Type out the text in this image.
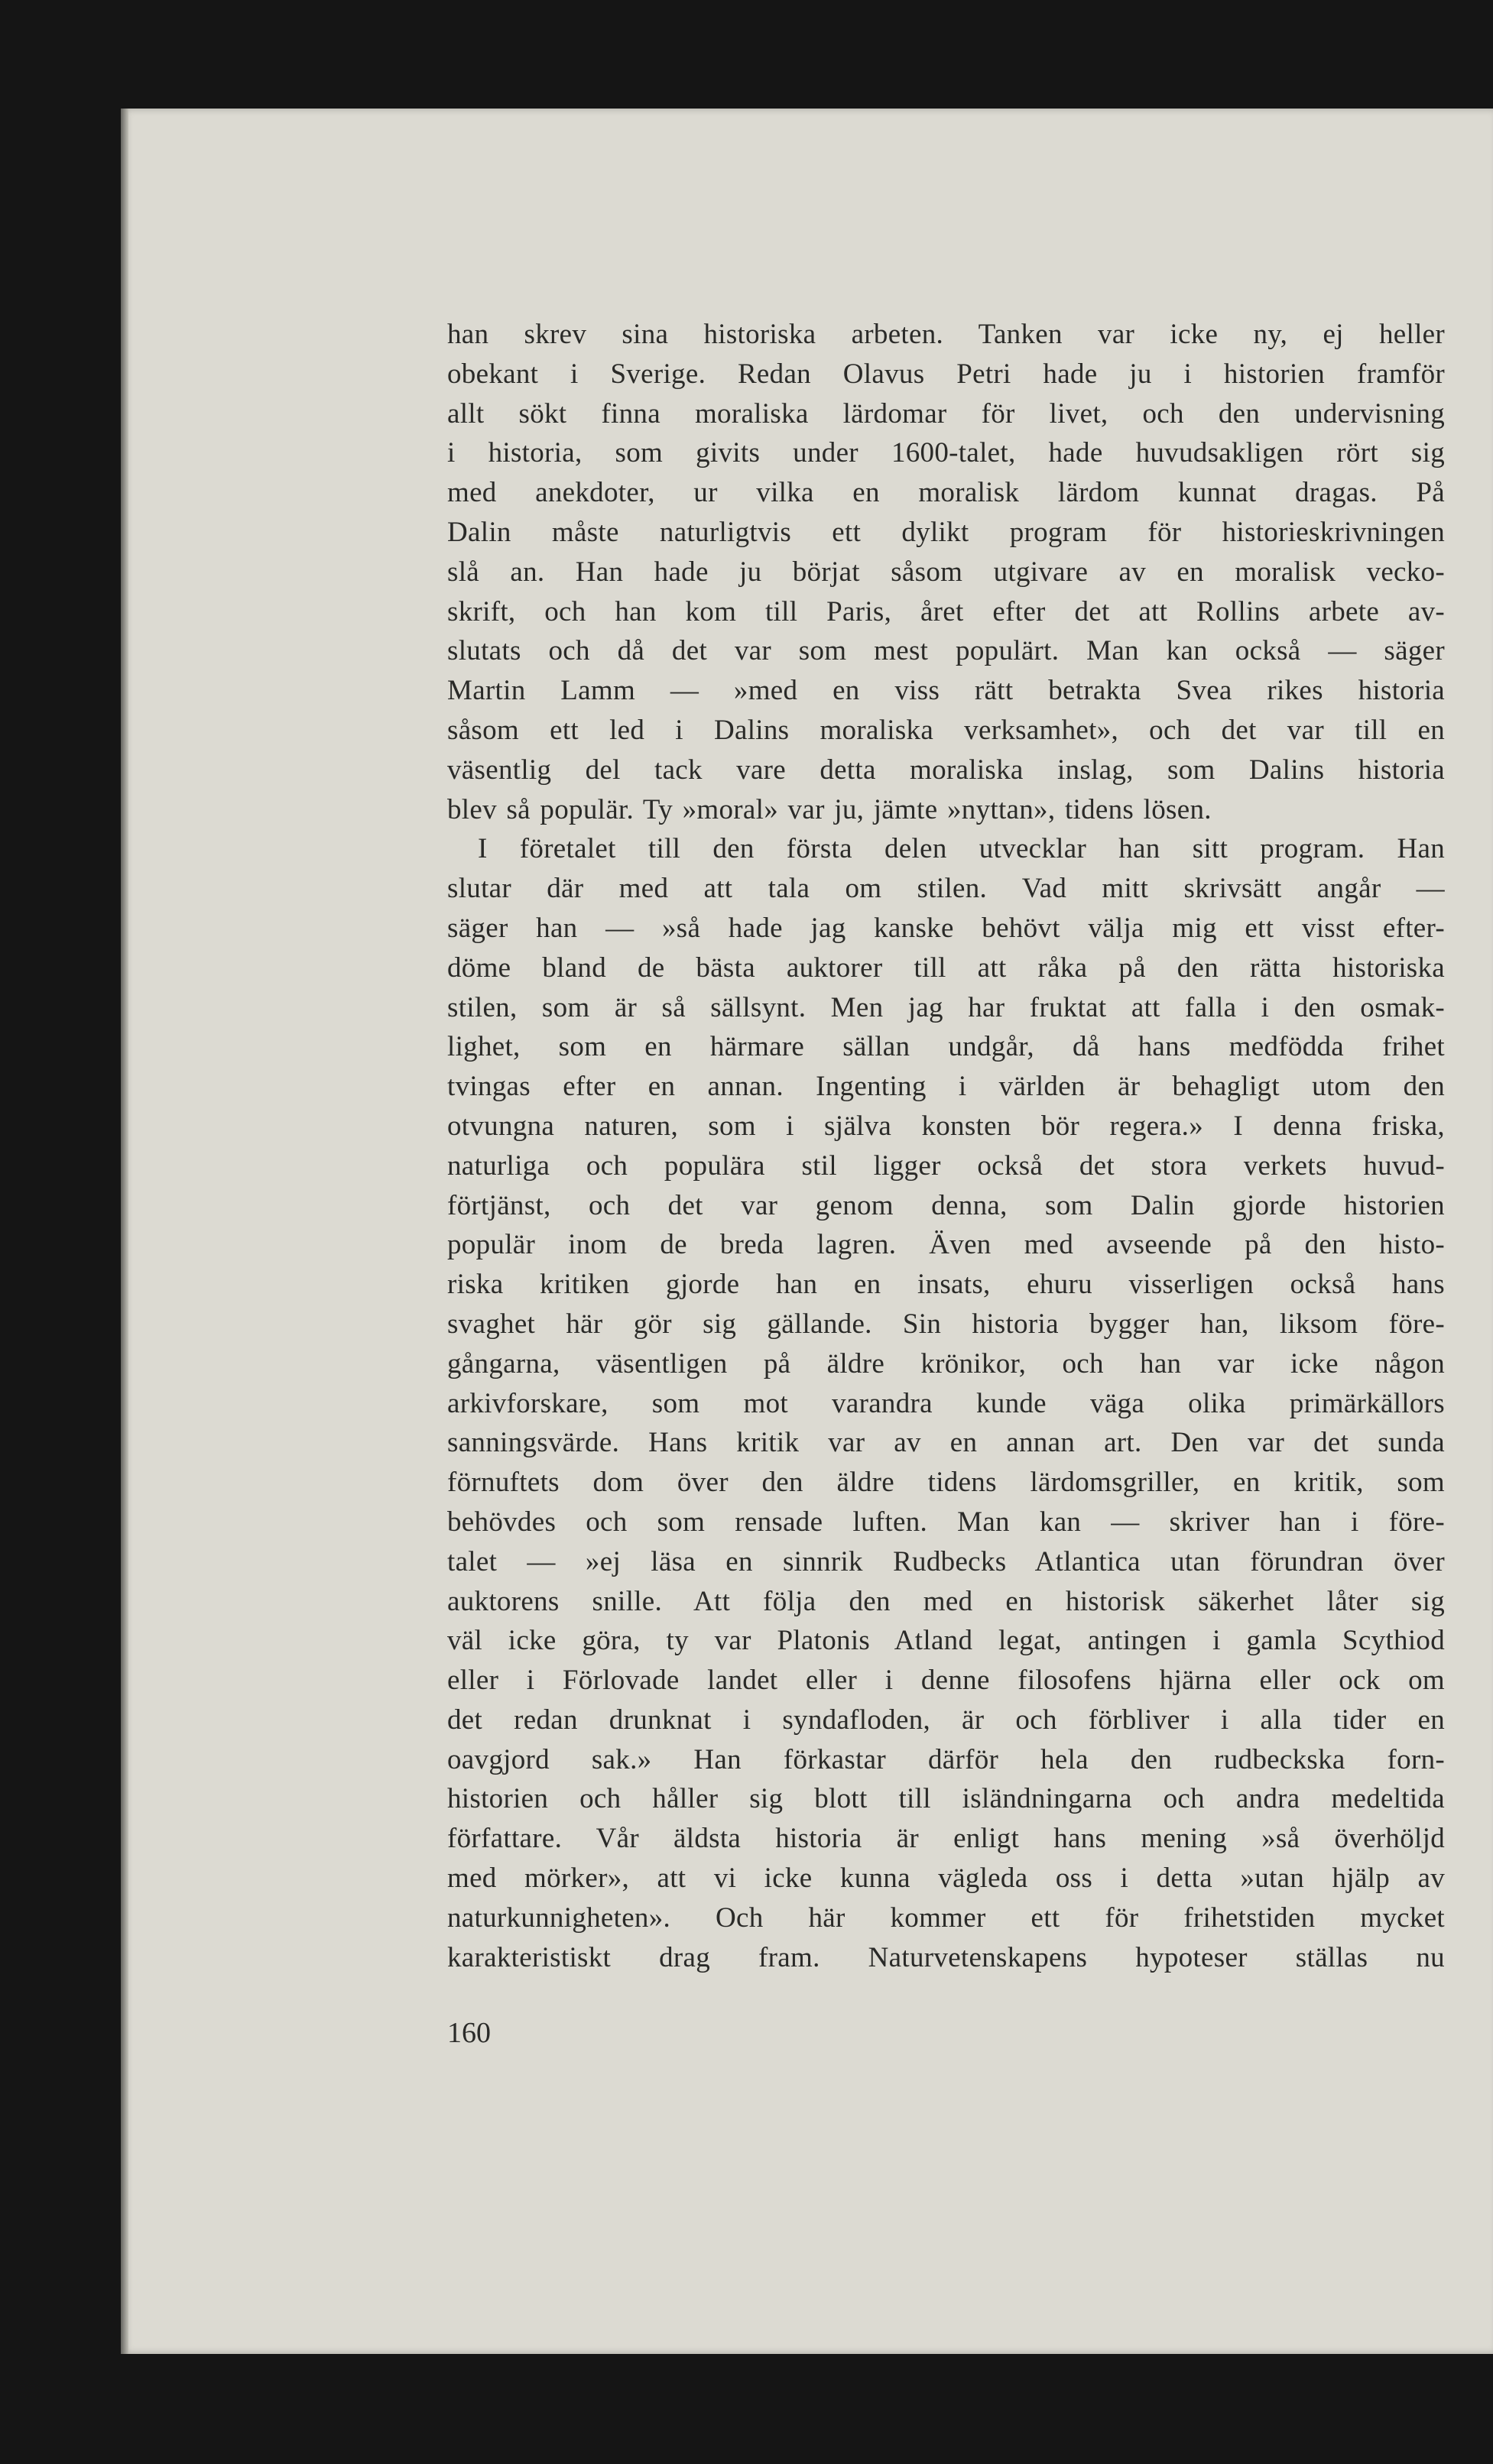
han skrev sina historiska arbeten. Tanken var icke ny, ej heller
obekant i Sverige. Redan Olavus Petri hade ju i historien framför
allt sökt finna moraliska lärdomar för livet, och den undervisning
i historia, som givits under 1600-talet, hade huvudsakligen rört sig
med anekdoter, ur vilka en moralisk lärdom kunnat dragas. På
Dalin måste naturligtvis ett dylikt program för historieskrivningen
slå an. Han hade ju börjat såsom utgivare av en moralisk vecko-
skrift, och han kom till Paris, året efter det att Rollins arbete av-
slutats och då det var som mest populärt. Man kan också — säger
Martin Lamm — »med en viss rätt betrakta Svea rikes historia
såsom ett led i Dalins moraliska verksamhet», och det var till en
väsentlig del tack vare detta moraliska inslag, som Dalins historia
blev så populär. Ty »moral» var ju, jämte »nyttan», tidens lösen.
I företalet till den första delen utvecklar han sitt program. Han
slutar där med att tala om stilen. Vad mitt skrivsätt angår —
säger han — »så hade jag kanske behövt välja mig ett visst efter-
döme bland de bästa auktorer till att råka på den rätta historiska
stilen, som är så sällsynt. Men jag har fruktat att falla i den osmak-
lighet, som en härmare sällan undgår, då hans medfödda frihet
tvingas efter en annan. Ingenting i världen är behagligt utom den
otvungna naturen, som i själva konsten bör regera.» I denna friska,
naturliga och populära stil ligger också det stora verkets huvud-
förtjänst, och det var genom denna, som Dalin gjorde historien
populär inom de breda lagren. Även med avseende på den histo-
riska kritiken gjorde han en insats, ehuru visserligen också hans
svaghet här gör sig gällande. Sin historia bygger han, liksom före-
gångarna, väsentligen på äldre krönikor, och han var icke någon
arkivforskare, som mot varandra kunde väga olika primärkällors
sanningsvärde. Hans kritik var av en annan art. Den var det sunda
förnuftets dom över den äldre tidens lärdomsgriller, en kritik, som
behövdes och som rensade luften. Man kan — skriver han i före-
talet — »ej läsa en sinnrik Rudbecks Atlantica utan förundran över
auktorens snille. Att följa den med en historisk säkerhet låter sig
väl icke göra, ty var Platonis Atland legat, antingen i gamla Scythiod
eller i Förlovade landet eller i denne filosofens hjärna eller ock om
det redan drunknat i syndafloden, är och förbliver i alla tider en
oavgjord sak.» Han förkastar därför hela den rudbeckska forn-
historien och håller sig blott till isländningarna och andra medeltida
författare. Vår äldsta historia är enligt hans mening »så överhöljd
med mörker», att vi icke kunna vägleda oss i detta »utan hjälp av
naturkunnigheten». Och här kommer ett för frihetstiden mycket
karakteristiskt drag fram. Naturvetenskapens hypoteser ställas nu
160
